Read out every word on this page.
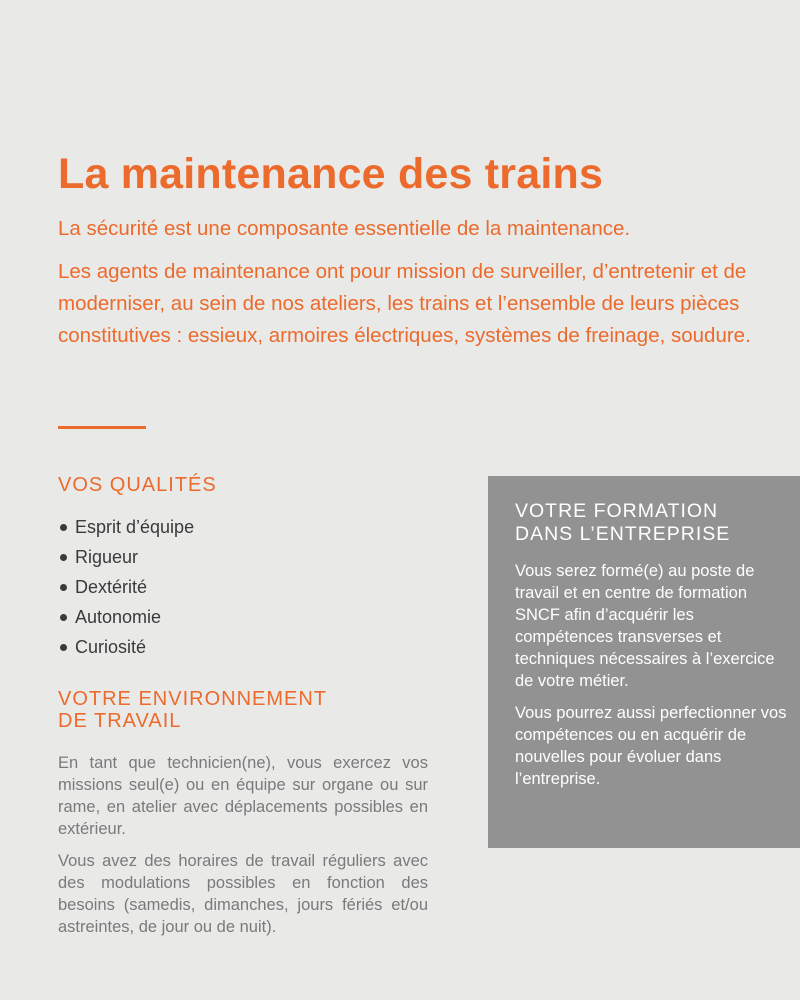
La maintenance des trains

La sécurité est une composante essentielle de la maintenance.

Les agents de maintenance ont pour mission de surveiller, d’entretenir et de moderniser, au sein de nos ateliers, les trains et l’ensemble de leurs pièces constitutives : essieux, armoires électriques, systèmes de freinage, soudure.

VOS QUALITÉS
Esprit d’équipe
Rigueur
Dextérité
Autonomie
Curiosité
VOTRE ENVIRONNEMENT
DE TRAVAIL

En tant que technicien(ne), vous exercez vos missions seul(e) ou en équipe sur organe ou sur rame, en atelier avec déplacements possibles en extérieur.

Vous avez des horaires de travail réguliers avec des modulations possibles en fonction des besoins (samedis, dimanches, jours fériés et/ou astreintes, de jour ou de nuit).

VOTRE FORMATION
DANS L’ENTREPRISE

Vous serez formé(e) au poste de travail et en centre de formation SNCF afin d’acquérir les compétences transverses et techniques nécessaires à l’exercice de votre métier.

Vous pourrez aussi perfectionner vos compétences ou en acquérir de nouvelles pour évoluer dans l’entreprise.
